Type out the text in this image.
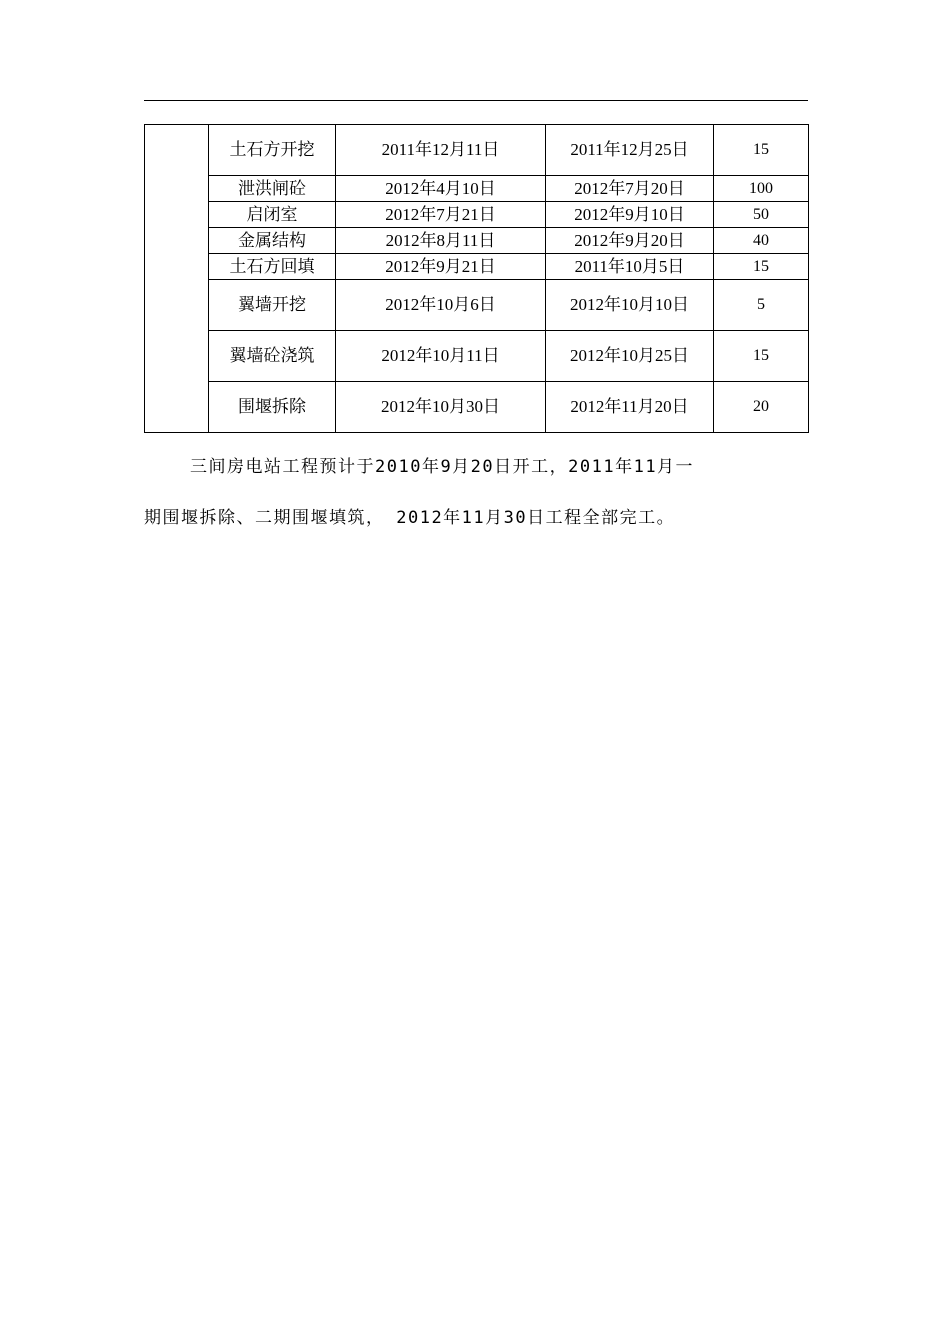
	土石方开挖	2011年12月11日	2011年12月25日	15
	泄洪闸砼	2012年4月10日	2012年7月20日	100
	启闭室	2012年7月21日	2012年9月10日	50
	金属结构	2012年8月11日	2012年9月20日	40
	土石方回填	2012年9月21日	2011年10月5日	15
	翼墙开挖	2012年10月6日	2012年10月10日	5
	翼墙砼浇筑	2012年10月11日	2012年10月25日	15
	围堰拆除	2012年10月30日	2012年11月20日	20
三间房电站工程预计于2010年9月20日开工，2011年11月一
期围堰拆除、二期围堰填筑， 2012年11月30日工程全部完工。
